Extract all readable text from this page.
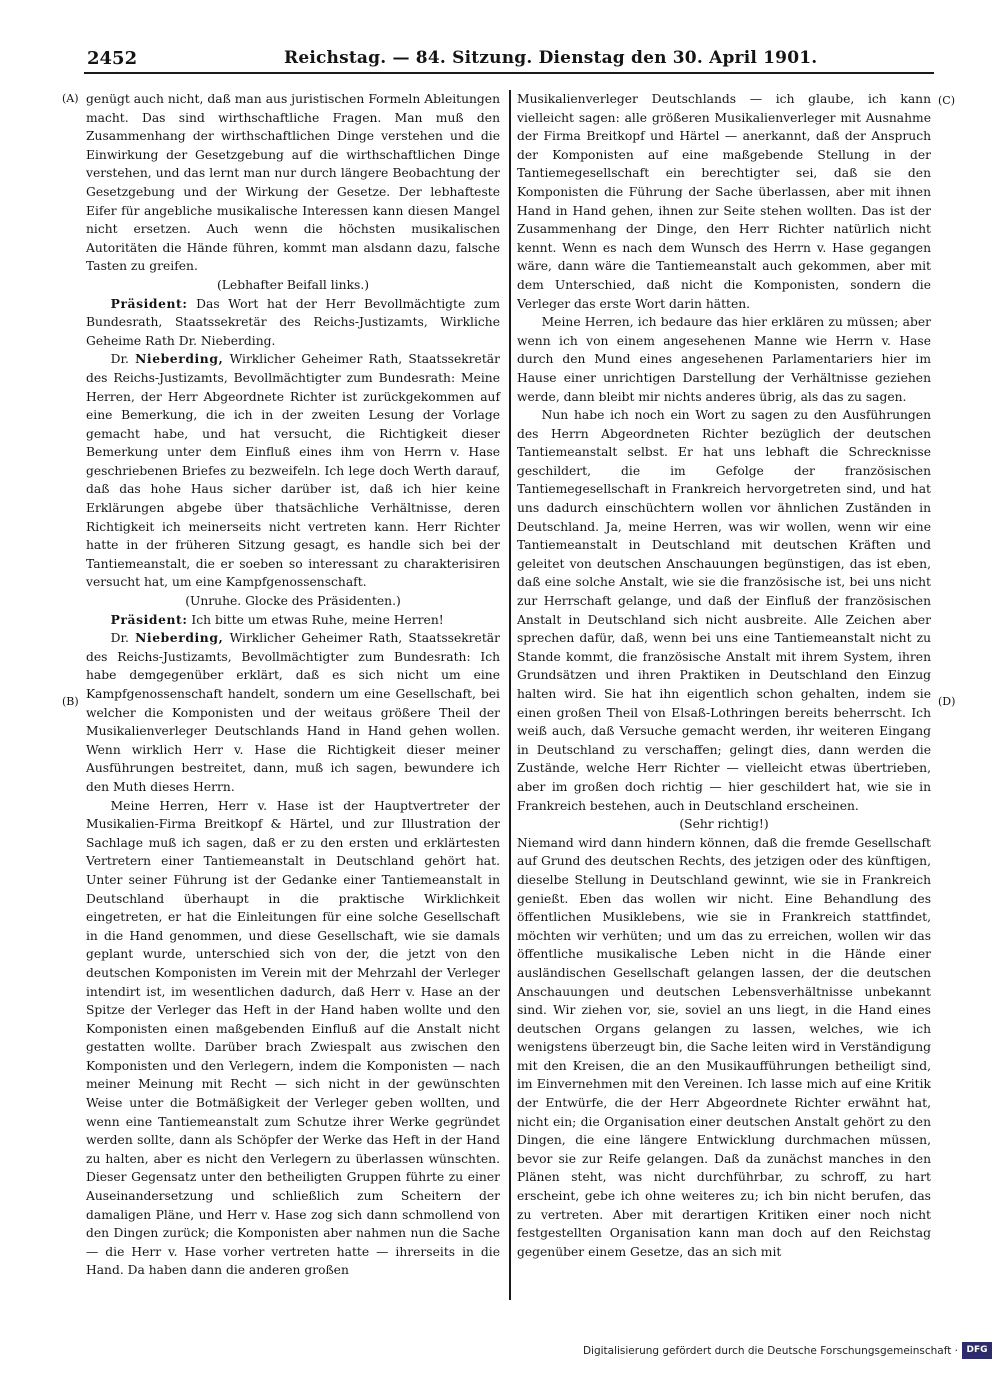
2452	Reichstag. — 84. Sitzung. Dienstag den 30. April 1901.
(A)
(B)
(C)
(D)

genügt auch nicht, daß man aus juristischen Formeln Ableitungen macht. Das sind wirthschaftliche Fragen. Man muß den Zusammenhang der wirthschaftlichen Dinge verstehen und die Einwirkung der Gesetzgebung auf die wirthschaftlichen Dinge verstehen, und das lernt man nur durch längere Beobachtung der Gesetzgebung und der Wirkung der Gesetze. Der lebhafteste Eifer für angebliche musikalische Interessen kann diesen Mangel nicht ersetzen. Auch wenn die höchsten musikalischen Autoritäten die Hände führen, kommt man alsdann dazu, falsche Tasten zu greifen.

(Lebhafter Beifall links.)

Präsident: Das Wort hat der Herr Bevollmächtigte zum Bundesrath, Staatssekretär des Reichs-Justizamts, Wirkliche Geheime Rath Dr. Nieberding.

Dr. Nieberding, Wirklicher Geheimer Rath, Staatssekretär des Reichs-Justizamts, Bevollmächtigter zum Bundesrath: Meine Herren, der Herr Abgeordnete Richter ist zurückgekommen auf eine Bemerkung, die ich in der zweiten Lesung der Vorlage gemacht habe, und hat versucht, die Richtigkeit dieser Bemerkung unter dem Einfluß eines ihm von Herrn v. Hase geschriebenen Briefes zu bezweifeln. Ich lege doch Werth darauf, daß das hohe Haus sicher darüber ist, daß ich hier keine Erklärungen abgebe über thatsächliche Verhältnisse, deren Richtigkeit ich meinerseits nicht vertreten kann. Herr Richter hatte in der früheren Sitzung gesagt, es handle sich bei der Tantiemeanstalt, die er soeben so interessant zu charakterisiren versucht hat, um eine Kampfgenossenschaft.

(Unruhe. Glocke des Präsidenten.)

Präsident: Ich bitte um etwas Ruhe, meine Herren!

Dr. Nieberding, Wirklicher Geheimer Rath, Staatssekretär des Reichs-Justizamts, Bevollmächtigter zum Bundesrath: Ich habe demgegenüber erklärt, daß es sich nicht um eine Kampfgenossenschaft handelt, sondern um eine Gesellschaft, bei welcher die Komponisten und der weitaus größere Theil der Musikalienverleger Deutschlands Hand in Hand gehen wollen. Wenn wirklich Herr v. Hase die Richtigkeit dieser meiner Ausführungen bestreitet, dann, muß ich sagen, bewundere ich den Muth dieses Herrn.

Meine Herren, Herr v. Hase ist der Hauptvertreter der Musikalien-Firma Breitkopf & Härtel, und zur Illustration der Sachlage muß ich sagen, daß er zu den ersten und erklärtesten Vertretern einer Tantiemeanstalt in Deutschland gehört hat. Unter seiner Führung ist der Gedanke einer Tantiemeanstalt in Deutschland überhaupt in die praktische Wirklichkeit eingetreten, er hat die Einleitungen für eine solche Gesellschaft in die Hand genommen, und diese Gesellschaft, wie sie damals geplant wurde, unterschied sich von der, die jetzt von den deutschen Komponisten im Verein mit der Mehrzahl der Verleger intendirt ist, im wesentlichen dadurch, daß Herr v. Hase an der Spitze der Verleger das Heft in der Hand haben wollte und den Komponisten einen maßgebenden Einfluß auf die Anstalt nicht gestatten wollte. Darüber brach Zwiespalt aus zwischen den Komponisten und den Verlegern, indem die Komponisten — nach meiner Meinung mit Recht — sich nicht in der gewünschten Weise unter die Botmäßigkeit der Verleger geben wollten, und wenn eine Tantiemeanstalt zum Schutze ihrer Werke gegründet werden sollte, dann als Schöpfer der Werke das Heft in der Hand zu halten, aber es nicht den Verlegern zu überlassen wünschten. Dieser Gegensatz unter den betheiligten Gruppen führte zu einer Auseinandersetzung und schließlich zum Scheitern der damaligen Pläne, und Herr v. Hase zog sich dann schmollend von den Dingen zurück; die Komponisten aber nahmen nun die Sache — die Herr v. Hase vorher vertreten hatte — ihrerseits in die Hand. Da haben dann die anderen großen

Musikalienverleger Deutschlands — ich glaube, ich kann vielleicht sagen: alle größeren Musikalienverleger mit Ausnahme der Firma Breitkopf und Härtel — anerkannt, daß der Anspruch der Komponisten auf eine maßgebende Stellung in der Tantiemegesellschaft ein berechtigter sei, daß sie den Komponisten die Führung der Sache überlassen, aber mit ihnen Hand in Hand gehen, ihnen zur Seite stehen wollten. Das ist der Zusammenhang der Dinge, den Herr Richter natürlich nicht kennt. Wenn es nach dem Wunsch des Herrn v. Hase gegangen wäre, dann wäre die Tantiemeanstalt auch gekommen, aber mit dem Unterschied, daß nicht die Komponisten, sondern die Verleger das erste Wort darin hätten.

Meine Herren, ich bedaure das hier erklären zu müssen; aber wenn ich von einem angesehenen Manne wie Herrn v. Hase durch den Mund eines angesehenen Parlamentariers hier im Hause einer unrichtigen Darstellung der Verhältnisse geziehen werde, dann bleibt mir nichts anderes übrig, als das zu sagen.

Nun habe ich noch ein Wort zu sagen zu den Ausführungen des Herrn Abgeordneten Richter bezüglich der deutschen Tantiemeanstalt selbst. Er hat uns lebhaft die Schrecknisse geschildert, die im Gefolge der französischen Tantiemegesellschaft in Frankreich hervorgetreten sind, und hat uns dadurch einschüchtern wollen vor ähnlichen Zuständen in Deutschland. Ja, meine Herren, was wir wollen, wenn wir eine Tantiemeanstalt in Deutschland mit deutschen Kräften und geleitet von deutschen Anschauungen begünstigen, das ist eben, daß eine solche Anstalt, wie sie die französische ist, bei uns nicht zur Herrschaft gelange, und daß der Einfluß der französischen Anstalt in Deutschland sich nicht ausbreite. Alle Zeichen aber sprechen dafür, daß, wenn bei uns eine Tantiemeanstalt nicht zu Stande kommt, die französische Anstalt mit ihrem System, ihren Grundsätzen und ihren Praktiken in Deutschland den Einzug halten wird. Sie hat ihn eigentlich schon gehalten, indem sie einen großen Theil von Elsaß-Lothringen bereits beherrscht. Ich weiß auch, daß Versuche gemacht werden, ihr weiteren Eingang in Deutschland zu verschaffen; gelingt dies, dann werden die Zustände, welche Herr Richter — vielleicht etwas übertrieben, aber im großen doch richtig — hier geschildert hat, wie sie in Frankreich bestehen, auch in Deutschland erscheinen.

(Sehr richtig!)

Niemand wird dann hindern können, daß die fremde Gesellschaft auf Grund des deutschen Rechts, des jetzigen oder des künftigen, dieselbe Stellung in Deutschland gewinnt, wie sie in Frankreich genießt. Eben das wollen wir nicht. Eine Behandlung des öffentlichen Musiklebens, wie sie in Frankreich stattfindet, möchten wir verhüten; und um das zu erreichen, wollen wir das öffentliche musikalische Leben nicht in die Hände einer ausländischen Gesellschaft gelangen lassen, der die deutschen Anschauungen und deutschen Lebensverhältnisse unbekannt sind. Wir ziehen vor, sie, soviel an uns liegt, in die Hand eines deutschen Organs gelangen zu lassen, welches, wie ich wenigstens überzeugt bin, die Sache leiten wird in Verständigung mit den Kreisen, die an den Musikaufführungen betheiligt sind, im Einvernehmen mit den Vereinen. Ich lasse mich auf eine Kritik der Entwürfe, die der Herr Abgeordnete Richter erwähnt hat, nicht ein; die Organisation einer deutschen Anstalt gehört zu den Dingen, die eine längere Entwicklung durchmachen müssen, bevor sie zur Reife gelangen. Daß da zunächst manches in den Plänen steht, was nicht durchführbar, zu schroff, zu hart erscheint, gebe ich ohne weiteres zu; ich bin nicht berufen, das zu vertreten. Aber mit derartigen Kritiken einer noch nicht festgestellten Organisation kann man doch auf den Reichstag gegenüber einem Gesetze, das an sich mit

Digitalisierung gefördert durch die Deutsche Forschungsgemeinschaft · DFG
